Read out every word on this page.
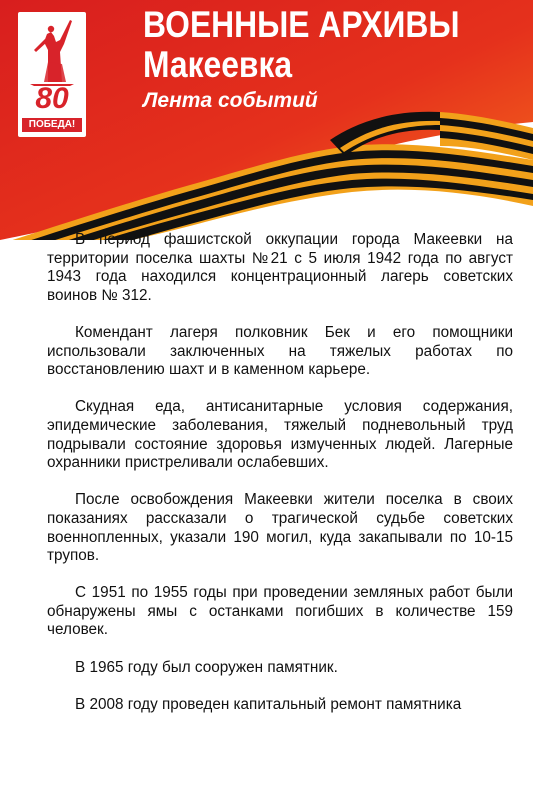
80
ПОБЕДА!
ВОЕННЫЕ АРХИВЫ
Макеевка
Лента событий

В период фашистской оккупации города Макеевки на территории поселка шахты №21 с 5 июля 1942 года по август 1943 года находился концентрационный лагерь советских воинов № 312.

Комендант лагеря полковник Бек и его помощники использовали заключенных на тяжелых работах по восстановлению шахт и в каменном карьере.

Скудная еда, антисанитарные условия содержания, эпидемические заболевания, тяжелый подневольный труд подрывали состояние здоровья измученных людей. Лагерные охранники пристреливали ослабевших.

После освобождения Макеевки жители поселка в своих показаниях рассказали о трагической судьбе советских военнопленных, указали 190 могил, куда закапывали по 10-15 трупов.

С 1951 по 1955 годы при проведении земляных работ были обнаружены ямы с останками погибших в количестве 159 человек.

В 1965 году был сооружен памятник.

В 2008 году проведен капитальный ремонт памятника
